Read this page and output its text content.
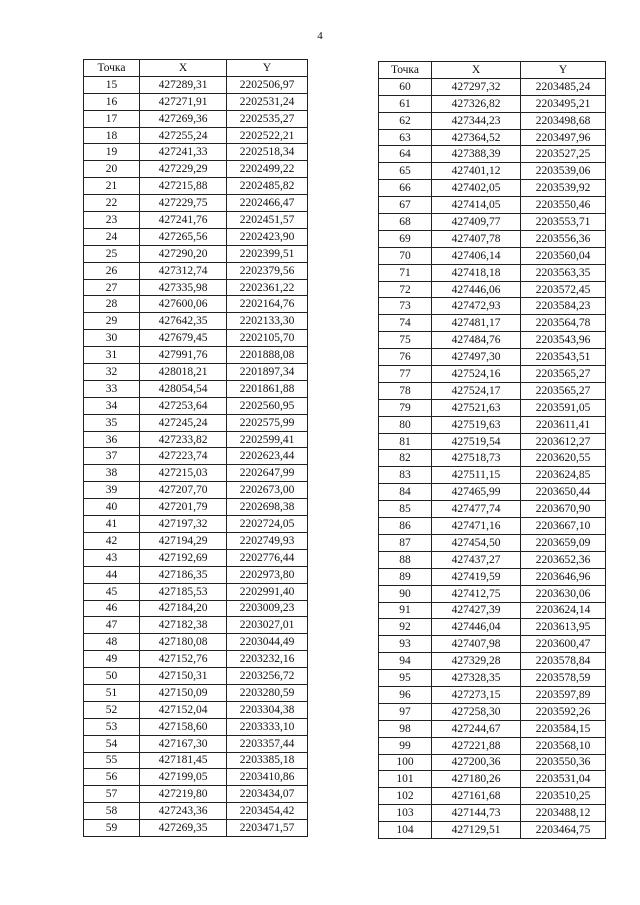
4
Точка	X	Y
15	427289,31	2202506,97
16	427271,91	2202531,24
17	427269,36	2202535,27
18	427255,24	2202522,21
19	427241,33	2202518,34
20	427229,29	2202499,22
21	427215,88	2202485,82
22	427229,75	2202466,47
23	427241,76	2202451,57
24	427265,56	2202423,90
25	427290,20	2202399,51
26	427312,74	2202379,56
27	427335,98	2202361,22
28	427600,06	2202164,76
29	427642,35	2202133,30
30	427679,45	2202105,70
31	427991,76	2201888,08
32	428018,21	2201897,34
33	428054,54	2201861,88
34	427253,64	2202560,95
35	427245,24	2202575,99
36	427233,82	2202599,41
37	427223,74	2202623,44
38	427215,03	2202647,99
39	427207,70	2202673,00
40	427201,79	2202698,38
41	427197,32	2202724,05
42	427194,29	2202749,93
43	427192,69	2202776,44
44	427186,35	2202973,80
45	427185,53	2202991,40
46	427184,20	2203009,23
47	427182,38	2203027,01
48	427180,08	2203044,49
49	427152,76	2203232,16
50	427150,31	2203256,72
51	427150,09	2203280,59
52	427152,04	2203304,38
53	427158,60	2203333,10
54	427167,30	2203357,44
55	427181,45	2203385,18
56	427199,05	2203410,86
57	427219,80	2203434,07
58	427243,36	2203454,42
59	427269,35	2203471,57
Точка	X	Y
60	427297,32	2203485,24
61	427326,82	2203495,21
62	427344,23	2203498,68
63	427364,52	2203497,96
64	427388,39	2203527,25
65	427401,12	2203539,06
66	427402,05	2203539,92
67	427414,05	2203550,46
68	427409,77	2203553,71
69	427407,78	2203556,36
70	427406,14	2203560,04
71	427418,18	2203563,35
72	427446,06	2203572,45
73	427472,93	2203584,23
74	427481,17	2203564,78
75	427484,76	2203543,96
76	427497,30	2203543,51
77	427524,16	2203565,27
78	427524,17	2203565,27
79	427521,63	2203591,05
80	427519,63	2203611,41
81	427519,54	2203612,27
82	427518,73	2203620,55
83	427511,15	2203624,85
84	427465,99	2203650,44
85	427477,74	2203670,90
86	427471,16	2203667,10
87	427454,50	2203659,09
88	427437,27	2203652,36
89	427419,59	2203646,96
90	427412,75	2203630,06
91	427427,39	2203624,14
92	427446,04	2203613,95
93	427407,98	2203600,47
94	427329,28	2203578,84
95	427328,35	2203578,59
96	427273,15	2203597,89
97	427258,30	2203592,26
98	427244,67	2203584,15
99	427221,88	2203568,10
100	427200,36	2203550,36
101	427180,26	2203531,04
102	427161,68	2203510,25
103	427144,73	2203488,12
104	427129,51	2203464,75
